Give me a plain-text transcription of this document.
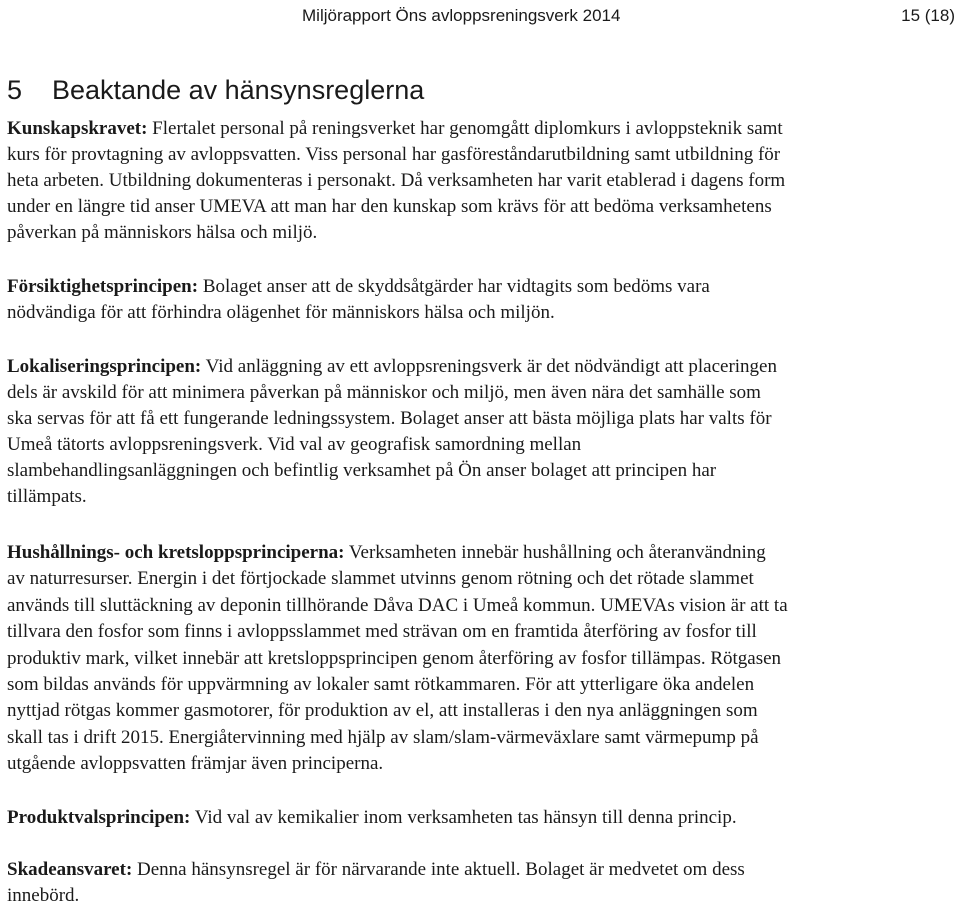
Miljörapport Öns avloppsreningsverk 2014	15 (18)
5 Beaktande av hänsynsreglerna
Kunskapskravet: Flertalet personal på reningsverket har genomgått diplomkurs i avloppsteknik samt
kurs för provtagning av avloppsvatten. Viss personal har gasföreståndarutbildning samt utbildning för
heta arbeten. Utbildning dokumenteras i personakt. Då verksamheten har varit etablerad i dagens form
under en längre tid anser UMEVA att man har den kunskap som krävs för att bedöma verksamhetens
påverkan på människors hälsa och miljö.
Försiktighetsprincipen: Bolaget anser att de skyddsåtgärder har vidtagits som bedöms vara
nödvändiga för att förhindra olägenhet för människors hälsa och miljön.
Lokaliseringsprincipen: Vid anläggning av ett avloppsreningsverk är det nödvändigt att placeringen
dels är avskild för att minimera påverkan på människor och miljö, men även nära det samhälle som
ska servas för att få ett fungerande ledningssystem. Bolaget anser att bästa möjliga plats har valts för
Umeå tätorts avloppsreningsverk. Vid val av geografisk samordning mellan
slambehandlingsanläggningen och befintlig verksamhet på Ön anser bolaget att principen har
tillämpats.
Hushållnings- och kretsloppsprinciperna: Verksamheten innebär hushållning och återanvändning
av naturresurser. Energin i det förtjockade slammet utvinns genom rötning och det rötade slammet
används till sluttäckning av deponin tillhörande Dåva DAC i Umeå kommun. UMEVAs vision är att ta
tillvara den fosfor som finns i avloppsslammet med strävan om en framtida återföring av fosfor till
produktiv mark, vilket innebär att kretsloppsprincipen genom återföring av fosfor tillämpas. Rötgasen
som bildas används för uppvärmning av lokaler samt rötkammaren. För att ytterligare öka andelen
nyttjad rötgas kommer gasmotorer, för produktion av el, att installeras i den nya anläggningen som
skall tas i drift 2015. Energiåtervinning med hjälp av slam/slam-värmeväxlare samt värmepump på
utgående avloppsvatten främjar även principerna.
Produktvalsprincipen: Vid val av kemikalier inom verksamheten tas hänsyn till denna princip.
Skadeansvaret: Denna hänsynsregel är för närvarande inte aktuell. Bolaget är medvetet om dess
innebörd.
